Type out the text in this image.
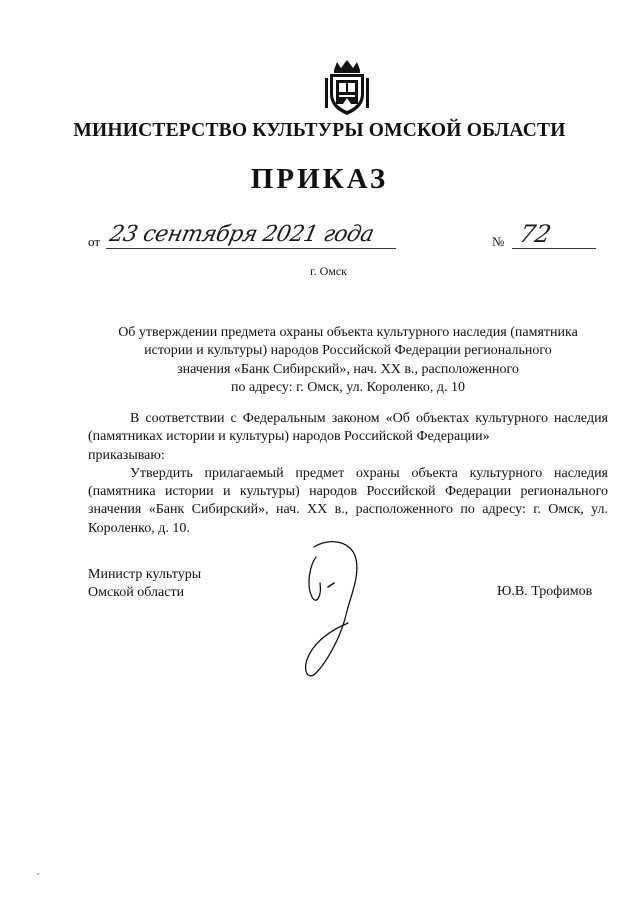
МИНИСТЕРСТВО КУЛЬТУРЫ ОМСКОЙ ОБЛАСТИ
ПРИКАЗ
от 23 сентября 2021 года	№ 72
г. Омск
Об утверждении предмета охраны объекта культурного наследия (памятника
истории и культуры) народов Российской Федерации регионального
значения «Банк Сибирский», нач. XX в., расположенного
по адресу: г. Омск, ул. Короленко, д. 10

В соответствии с Федеральным законом «Об объектах культурного наследия (памятниках истории и культуры) народов Российской Федерации»

приказываю:

Утвердить прилагаемый предмет охраны объекта культурного наследия (памятника истории и культуры) народов Российской Федерации регионального значения «Банк Сибирский», нач. XX в., расположенного по адресу: г. Омск, ул. Короленко, д. 10.

Министр культуры
Омской области	Ю.В. Трофимов
